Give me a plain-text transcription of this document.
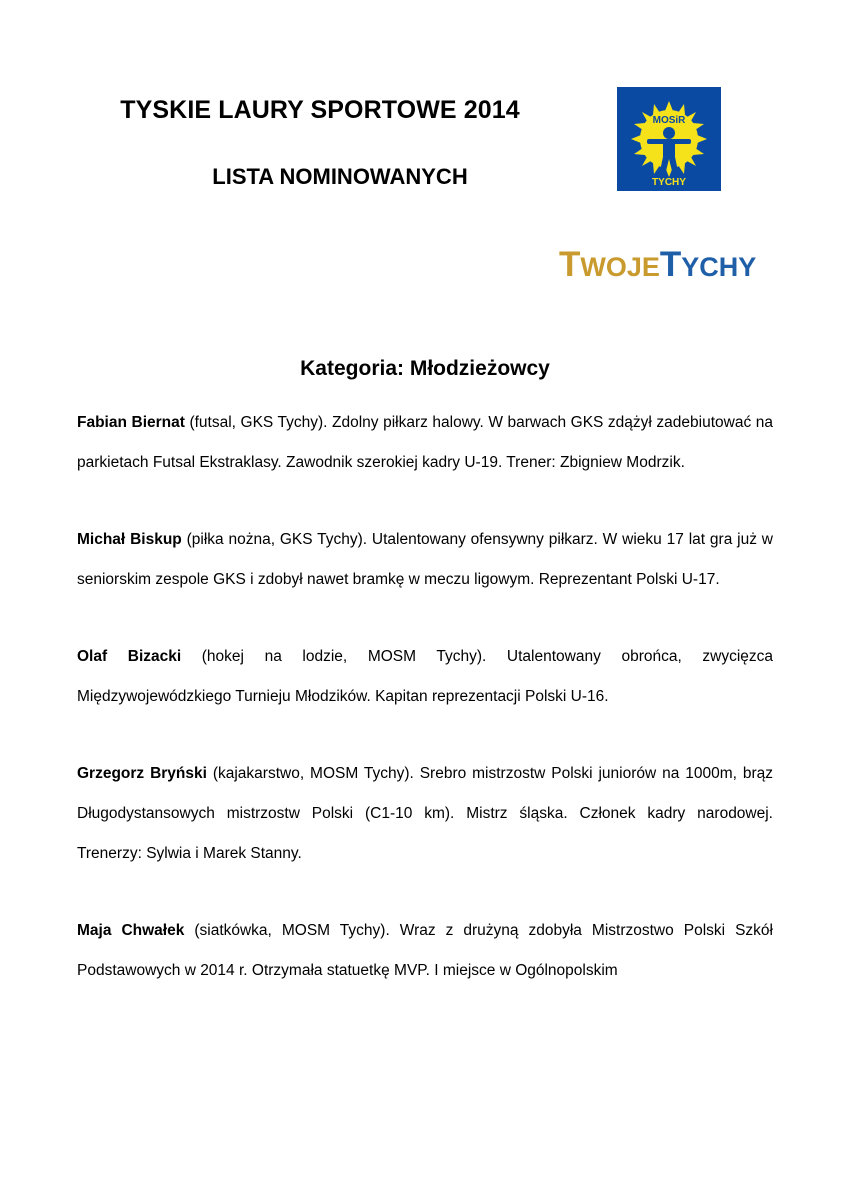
TYSKIE LAURY SPORTOWE 2014
LISTA NOMINOWANYCH
MOSiR
TYCHY
TWOJETYCHY
Kategoria: Młodzieżowcy

Fabian Biernat (futsal, GKS Tychy). Zdolny piłkarz halowy. W barwach GKS zdążył zadebiutować na parkietach Futsal Ekstraklasy. Zawodnik szerokiej kadry U-19. Trener: Zbigniew Modrzik.

Michał Biskup (piłka nożna, GKS Tychy). Utalentowany ofensywny piłkarz. W wieku 17 lat gra już w seniorskim zespole GKS i zdobył nawet bramkę w meczu ligowym. Reprezentant Polski U-17.

Olaf Bizacki (hokej na lodzie, MOSM Tychy). Utalentowany obrońca, zwycięzca Międzywojewódzkiego Turnieju Młodzików. Kapitan reprezentacji Polski U-16.

Grzegorz Bryński (kajakarstwo, MOSM Tychy). Srebro mistrzostw Polski juniorów na 1000m, brąz Długodystansowych mistrzostw Polski (C1-10 km). Mistrz śląska. Członek kadry narodowej. Trenerzy: Sylwia i Marek Stanny.

Maja Chwałek (siatkówka, MOSM Tychy). Wraz z drużyną zdobyła Mistrzostwo Polski Szkół Podstawowych w 2014 r. Otrzymała statuetkę MVP. I miejsce w Ogólnopolskim
